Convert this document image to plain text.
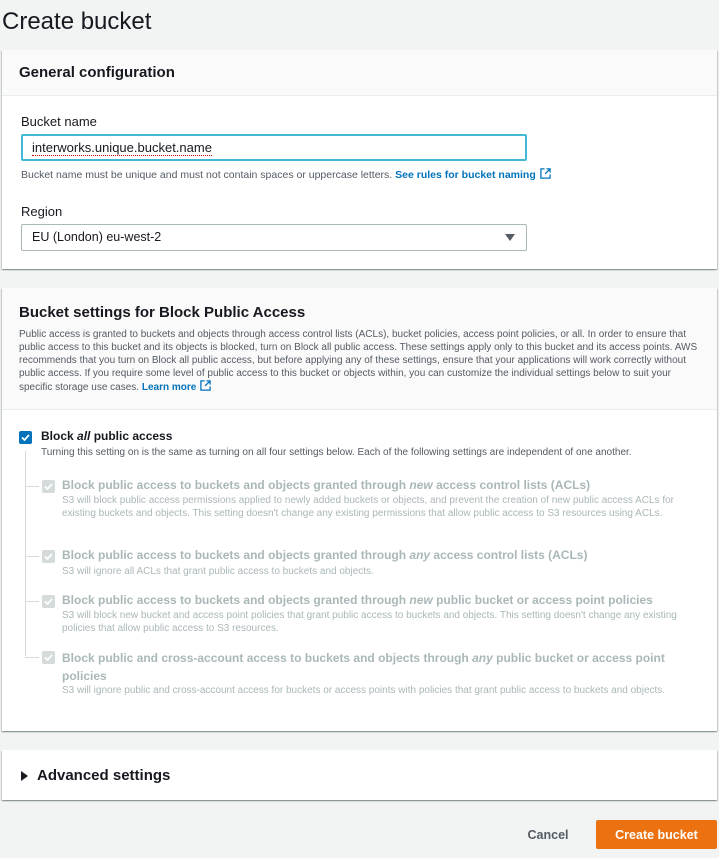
Create bucket
General configuration
Bucket name
interworks.unique.bucket.name
Bucket name must be unique and must not contain spaces or uppercase letters. See rules for bucket naming
Region
EU (London) eu-west-2
Bucket settings for Block Public Access
Public access is granted to buckets and objects through access control lists (ACLs), bucket policies, access point policies, or all. In order to ensure that public access to this bucket and its objects is blocked, turn on Block all public access. These settings apply only to this bucket and its access points. AWS recommends that you turn on Block all public access, but before applying any of these settings, ensure that your applications will work correctly without public access. If you require some level of public access to this bucket or objects within, you can customize the individual settings below to suit your specific storage use cases. Learn more
Block all public access
Turning this setting on is the same as turning on all four settings below. Each of the following settings are independent of one another.
Block public access to buckets and objects granted through new access control lists (ACLs)
S3 will block public access permissions applied to newly added buckets or objects, and prevent the creation of new public access ACLs for existing buckets and objects. This setting doesn't change any existing permissions that allow public access to S3 resources using ACLs.
Block public access to buckets and objects granted through any access control lists (ACLs)
S3 will ignore all ACLs that grant public access to buckets and objects.
Block public access to buckets and objects granted through new public bucket or access point policies
S3 will block new bucket and access point policies that grant public access to buckets and objects. This setting doesn't change any existing policies that allow public access to S3 resources.
Block public and cross-account access to buckets and objects through any public bucket or access point policies
S3 will ignore public and cross-account access for buckets or access points with policies that grant public access to buckets and objects.
Advanced settings
Cancel	Create bucket
